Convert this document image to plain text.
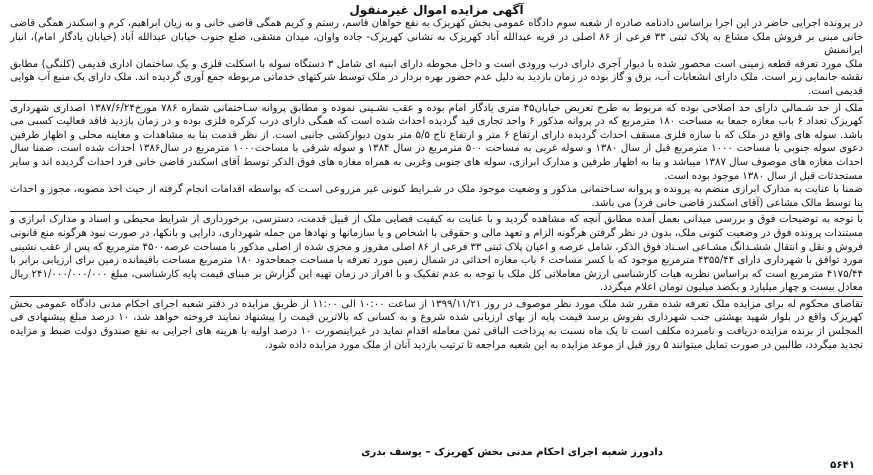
آگهی مزایده اموال غیرمنقول

در پرونده اجرایی حاضر در این اجرا براساس دادنامه صادره از شعبه سوم دادگاه عمومی بخش کهریزک به نفع خواهان قاسم، رستم و کریم همگی قاضی خانی و به زیان ابراهیم، کرم و اسکندر همگی قاضی خانی مبنی بر فروش ملک مشاع به پلاک ثبتی ۳۳ فرعی از ۸۶ اصلی در قریه عبدالله آباد کهریزک به نشانی کهریزک- جاده واوان، میدان مشقی، ضلع جنوب خیابان عبدالله آباد (خیابان یادگار امام)، انبار ایرانمنش

ملک مورد تعرفه قطعه زمینی است محصور شده با دیوار آجری دارای درب ورودی است و داخل محوطه دارای ابنیه ای شامل ۳ دستگاه سوله با اسکلت فلزی و یک ساختمان اداری قدیمی (کلنگی) مطابق نقشه جانمایی زیر است. ملک دارای انشعابات آب، برق و گاز بوده در زمان بازدید به دلیل عدم حضور بهره بردار در ملک توسط شرکتهای خدماتی مربوطه جمع آوری گردیده اند. ملک دارای یک منبع آب هوایی قدیمی است.

ملک از حد شـمالی دارای حد اصلاحی بوده که مربوط به طرح تعریض خیابان۴۵ متری یادگار امام بوده و عقب نشـینی نموده و مطابق پروانه سـاختمانی شماره ۷۸۶ مورخ۱۳۸۷/۶/۲۴ اصداری شهرداری کهریزک تعداد ۶ باب مغازه جمعا به مساحت ۱۸۰ مترمربع که در پروانه مذکور ۶ واحد تجاری قید گردیده احداث شده است که همگی دارای درب کرکره فلزی بوده و در زمان بازدید فاقد فعالیت کسبی می باشد. سوله های واقع در ملک که با سازه فلزی مسقف احداث گردیده دارای ارتفاع ۶ متر و ارتفاع تاج ۵/۵ متر بدون دیوارکشی جانبی است. از نظر قدمت بنا به مشاهدات و معاینه محلی و اظهار طرفین دعوی سوله جنوبی با مساحت ۱۰۰۰ مترمربع قبل از سال ۱۳۸۰ و سوله غربی به مساحت ۵۰۰ مترمربع در سال ۱۳۸۴ و سوله شرقی با مساحت۱۰۰۰ مترمربع در سال۱۳۸۶ احداث شده است. ضمنا سال احداث مغازه های موصوف سال ۱۳۸۷ میباشد و بنا به اظهار طرفین و مدارک ابرازی، سوله های جنوبی وغربی به همراه مغازه های فوق الذکر توسط آقای اسکندر قاضی خانی فرد احداث گردیده اند و سایر مستحدثات قبل از سال ۱۳۸۰ موجود بوده است.

ضمنا با عنایت به مدارک ابرازی منضم به پرونده و پروانه سـاختمانی مذکور و وضعیت موجود ملک در شـرایط کنونی غیر مزروعی اسـت که بواسطه اقدامات انجام گرفته از حیث اخذ مصوبه، مجوز و احداث بنا توسط مالک مشاعی (آقای اسکندر قاضی خانی فرد) می باشد.

با توجه به توضیحات فوق و بررسی میدانی بعمل آمده مطابق آنچه که مشاهده گردید و با عنایت به کیفیت فضایی ملک از قبیل قدمت، دسترسی، برخورداری از شرایط محیطی و اسناد و مدارک ابرازی و مستندات پرونده فوق در وضعیت کنونی ملک، بدون در نظر گرفتن هرگونه الزام و تعهد مالی و حقوقی با اشخاص و یا سازمانها و نهادها من جمله شهرداری، دارایی و بانکها، در صورت نبود هرگونه منع قانونی فروش و نقل و انتقال ششـدانگ مشـاعی اسـناد فوق الذکر، شامل عرصه و اعیان پلاک ثبتی ۳۳ فرعی از ۸۶ اصلی مفروز و مجزی شده از اصلی مذکور با مساحت عرصه۴۵۰۰ مترمربع که پس از عقب نشینی مورد توافق با شهرداری دارای ۴۳۵۵/۴۴ مترمربع موجود که با کسر مساحت ۶ باب مغازه احداثی در شمال زمین مورد تعرفه با مساحت جمعاحدود ۱۸۰ مترمربع مساحت باقیمانده زمین برای ارزیابی برابر با ۴۱۷۵/۴۴ مترمربع است که براساس نظریه هیات کارشناسی ارزش معاملاتی کل ملک با توجه به عدم تفکیک و با افراز در زمان تهیه این گزارش بر مبنای قیمت پایه کارشناسی، مبلغ ۲۴۱/۰۰۰/۰۰۰/۰۰۰ ریال معادل بیست و چهار میلیارد و یکصد میلیون تومان اعلام میگردد.

تقاضای محکوم له برای مزایده ملک تعرفه شده مقرر شد ملک مورد نظر موصوف در روز ۱۳۹۹/۱۱/۲۱ از ساعت ۱۰:۰۰ الی ۱۱:۰۰ از طریق مزایده در دفتر شعبه اجرای احکام مدنی دادگاه عمومی بخش کهریزک واقع در بلوار شهید بهشتی جنب شهرداری بفروش برسد قیمت پایه از بهای ارزیابی شده شروع و به کسانی که بالاترین قیمت را پیشنهاد نمایند فروخته خواهد شد، ۱۰ درصد مبلغ پیشنهادی فی المجلس از برنده مزایده دریافت و نامبرده مکلف است تا یک ماه نسبت به پرداخت الباقی ثمن معامله اقدام نماید در غیراینصورت ۱۰ درصد اولیه با هزینه های اجرایی به نفع صندوق دولت ضبط و مزایده تجدید میگردد، طالبین در صورت تمایل میتوانند ۵ روز قبل از موعد مزایده به این شعبه مراجعه تا ترتیب بازدید آنان از ملک مورد مزایده داده شود.

دادورز شعبه اجرای احکام مدنی بخش کهریزک – یوسف بدری
۵۶۴۱
